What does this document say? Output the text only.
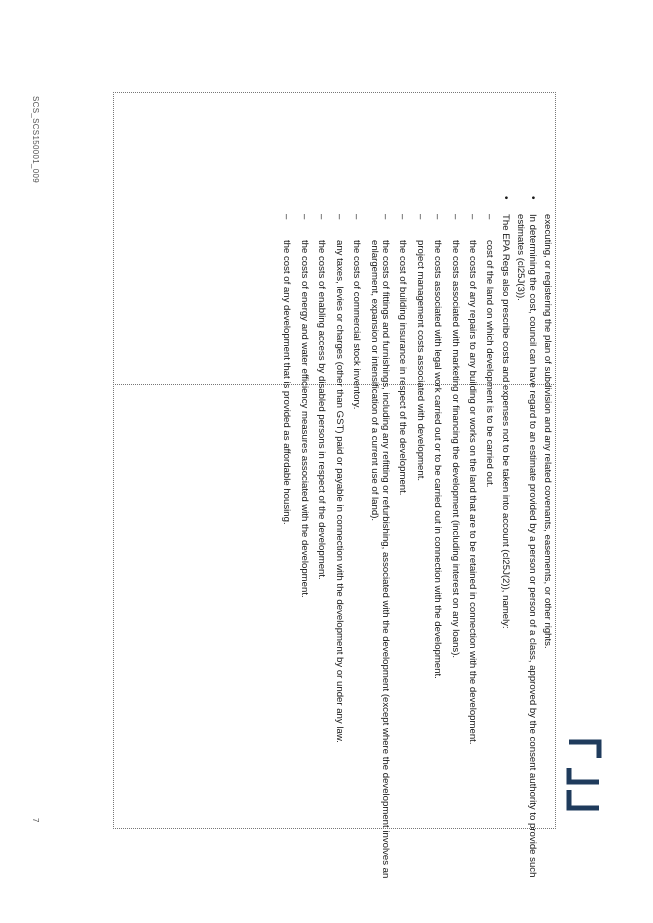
executing, or registering the plan of subdivision and any related covenants, easements, or other rights.

• In determining the cost, council can have regard to an estimate provided by a person or person of a class, approved by the consent authority to provide such estimates (cl25J(3)).

• The EPA Regs also prescribe costs and expenses not to be taken into account (cl25J(2)), namely:

– cost of the land on which development is to be carried out.
– the costs of any repairs to any building or works on the land that are to be retained in connection with the development.
– the costs associated with marketing or financing the development (including interest on any loans).
– the costs associated with legal work carried out or to be carried out in connection with the development.
– project management costs associated with development.
– the cost of building insurance in respect of the development.
– the costs of fittings and furnishings, including any refitting or refurbishing, associated with the development (except where the development involves an enlargement, expansion or intensification of a current use of land).
– the costs of commercial stock inventory.
– any taxes, levies or charges (other than GST) paid or payable in connection with the development by or under any law.
– the costs of enabling access by disabled persons in respect of the development.
– the costs of energy and water efficiency measures associated with the development.
– the cost of any development that is provided as affordable housing.
SCS_SCS150001_009
7
